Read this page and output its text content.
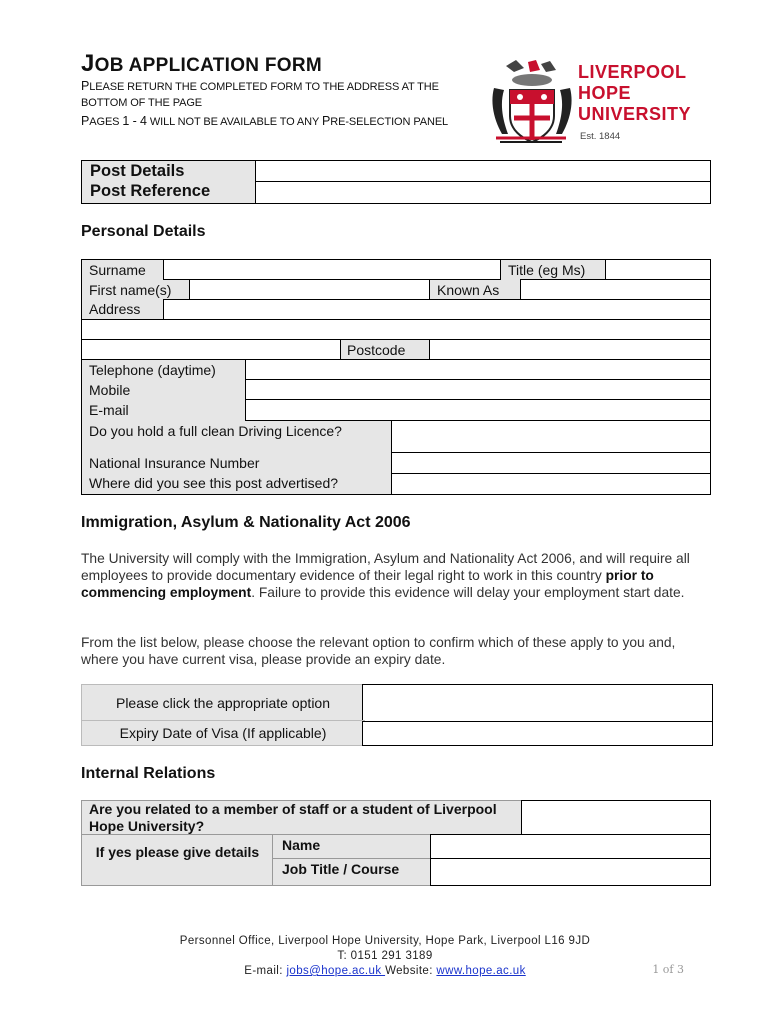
JOB APPLICATION FORM
PLEASE RETURN THE COMPLETED FORM TO THE ADDRESS AT THE
BOTTOM OF THE PAGE
PAGES 1 - 4 WILL NOT BE AVAILABLE TO ANY PRE-SELECTION PANEL
LIVERPOOL
HOPE
UNIVERSITY
Est. 1844
Post Details
Post Reference
Personal Details
Surname	Title (eg Ms)
First name(s)	Known As
Address
Postcode
Telephone (daytime)
Mobile
E-mail
Do you hold a full clean Driving Licence?
National Insurance Number
Where did you see this post advertised?
Immigration, Asylum & Nationality Act 2006
The University will comply with the Immigration, Asylum and Nationality Act 2006, and will require all employees to provide documentary evidence of their legal right to work in this country prior to commencing employment. Failure to provide this evidence will delay your employment start date.
From the list below, please choose the relevant option to confirm which of these apply to you and, where you have current visa, please provide an expiry date.
Please click the appropriate option
Expiry Date of Visa (If applicable)
Internal Relations
Are you related to a member of staff or a student of Liverpool Hope University?
If yes please give details	Name
Job Title / Course
Personnel Office, Liverpool Hope University, Hope Park, Liverpool L16 9JD
T: 0151 291 3189
E-mail: jobs@hope.ac.uk Website: www.hope.ac.uk	1 of 3
